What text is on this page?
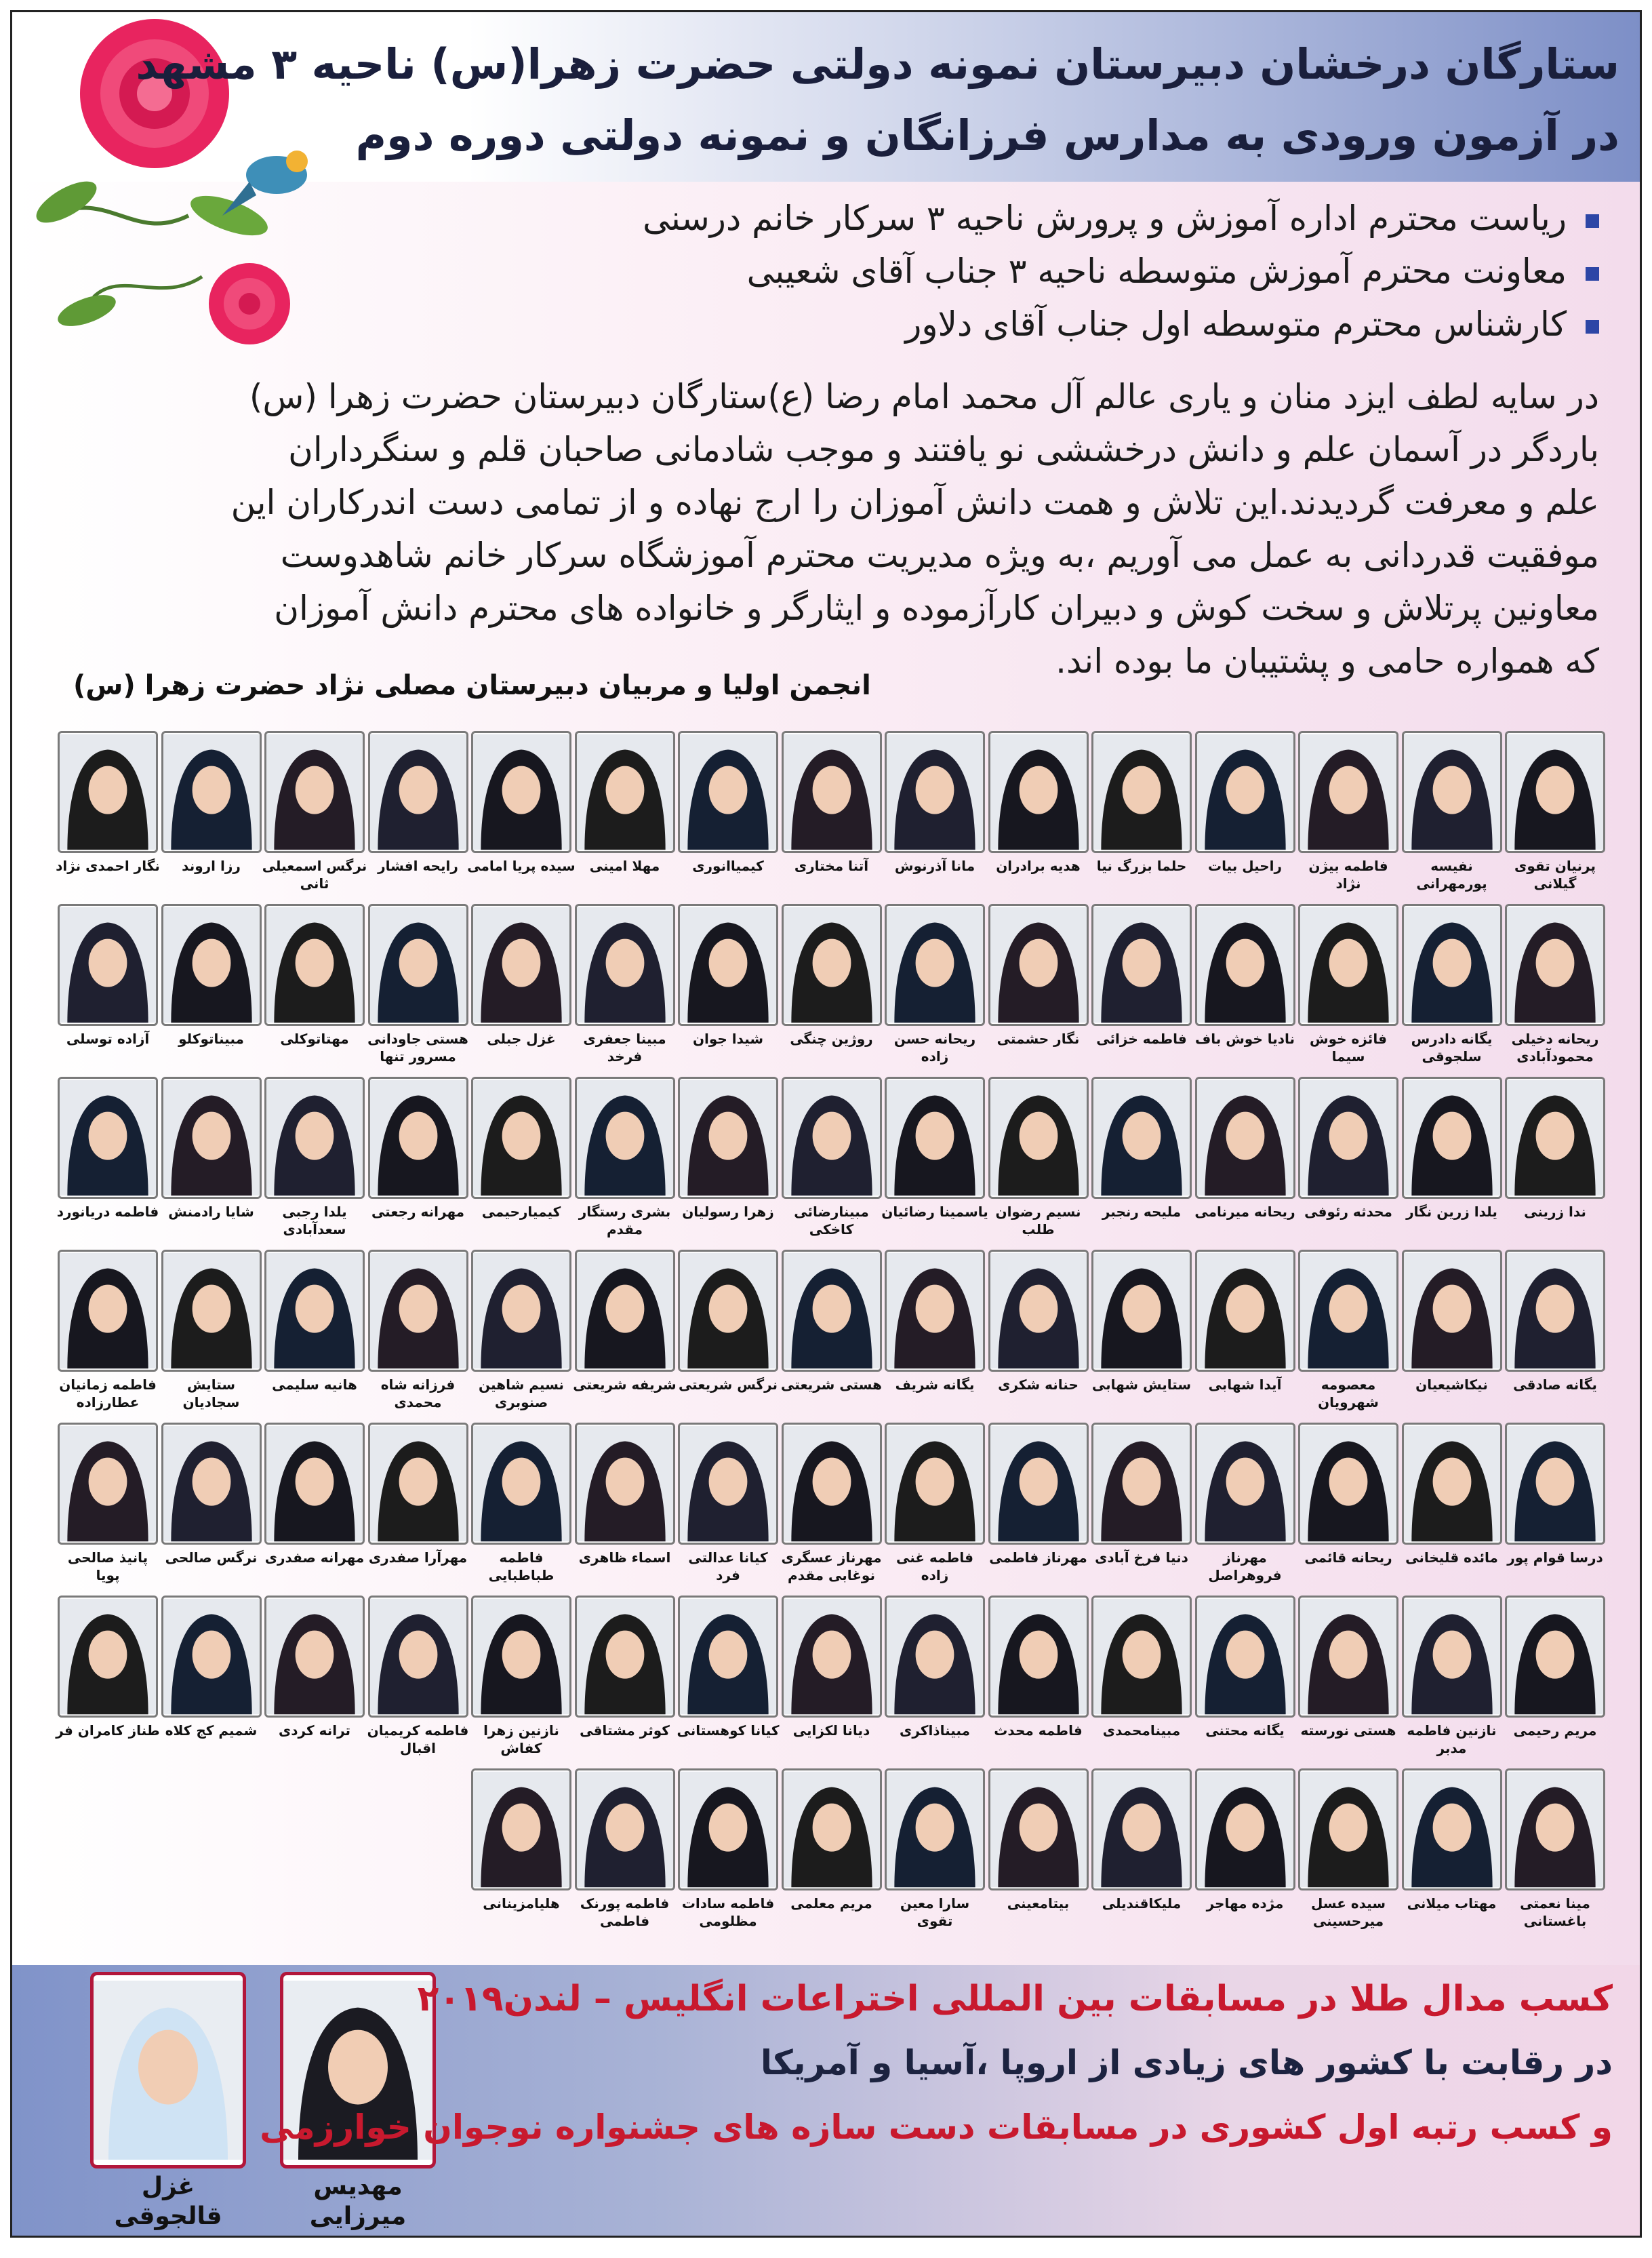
ستارگان درخشان دبیرستان نمونه دولتی حضرت زهرا(س) ناحیه ۳ مشهد
در آزمون ورودی به مدارس فرزانگان و نمونه دولتی دوره دوم
ریاست محترم اداره آموزش و پرورش ناحیه ۳ سرکار خانم درسنی
معاونت محترم آموزش متوسطه ناحیه ۳ جناب آقای شعیبی
کارشناس محترم متوسطه اول جناب آقای دلاور
در سایه لطف ایزد منان و یاری عالم آل محمد امام رضا (ع)ستارگان دبیرستان حضرت زهرا (س)
باردگر در آسمان علم و دانش درخششی نو یافتند و موجب شادمانی صاحبان قلم و سنگرداران
علم و معرفت گردیدند.این تلاش و همت دانش آموزان را ارج نهاده و از تمامی دست اندرکاران این
موفقیت قدردانی به عمل می آوریم ،به ویژه مدیریت محترم آموزشگاه سرکار خانم شاهدوست
معاونین پرتلاش و سخت کوش و دبیران کارآزموده و ایثارگر و خانواده های محترم دانش آموزان
که همواره حامی و پشتیبان ما بوده اند.
انجمن اولیا و مربیان دبیرستان مصلی نژاد حضرت زهرا (س)
پرنیان تقوی گیلانی
نفیسه پورمهرانی
فاطمه بیژن نژاد
راحیل بیات
حلما بزرگ نیا
هدیه برادران
مانا آذرنوش
آتنا مختاری
کیمیاانوری
مهلا امینی
سیده پریا امامی
رایحه افشار
نرگس اسمعیلی ثانی
رزا اروند
نگار احمدی نژاد
ریحانه دخیلی محمودآبادی
یگانه دادرس سلجوقی
فائزه خوش سیما
نادیا خوش باف
فاطمه خزائی
نگار حشمتی
ریحانه حسن زاده
روژین چنگی
شیدا جوان
مبینا جعفری فرخد
غزل جبلی
هستی جاودانی مسرور تنها
مهتاتوکلی
مبیناتوکلو
آزاده توسلی
ندا زرینی
یلدا زرین نگار
محدثه رئوفی
ریحانه میرنامی
ملیحه رنجبر
نسیم رضوان طلب
یاسمینا رضائیان
مبینارضائی کاخکی
زهرا رسولیان
بشری رستگار مقدم
کیمیارحیمی
مهرانه رجعتی
یلدا رجبی سعدآبادی
شایا رادمنش
فاطمه دریانورد
یگانه صادقی
نیکاشیعیان
معصومه شهرویان
آیدا شهابی
ستایش شهابی
حنانه شکری
یگانه شریف
هستی شریعتی
نرگس شریعتی
شریفه شریعتی
نسیم شاهین صنوبری
فرزانه شاه محمدی
هانیه سلیمی
ستایش سجادیان
فاطمه زمانیان عطارزاده
درسا قوام پور
مائده قلیخانی
ریحانه قائمی
مهرناز فروهراصل
دنیا فرخ آبادی
مهرناز فاطمی
فاطمه غنی زاده
مهرناز عسگری نوغابی مقدم
کیانا عدالتی فرد
اسماء ظاهری
فاطمه طباطبایی
مهرآرا صفدری
مهرانه صفدری
نرگس صالحی
پانیذ صالحی پویا
مریم رحیمی
نازنین فاطمه مدبر
هستی نورسته
یگانه محتنی
مبینامحمدی
فاطمه محدث
مبیناذاکری
دیانا لکزایی
کیانا کوهستانی
کوثر مشتاقی
نازنین زهرا کفاش
فاطمه کریمیان اقبال
ترانه کردی
شمیم کج کلاه
طناز کامران فر
مینا نعمتی باغستانی
مهتاب میلانی
سیده عسل میرحسینی
مژده مهاجر
ملیکاقندیلی
بیتامعینی
سارا معین تقوی
مریم معلمی
فاطمه سادات مظلومی
فاطمه پورنک فاطمی
هلیامزینانی
غزل قالجوقی
مهدیس میرزایی
کسب مدال طلا در مسابقات بین المللی اختراعات انگلیس – لندن۲۰۱۹
در رقابت با کشور های زیادی از اروپا ،آسیا و آمریکا
و کسب رتبه اول کشوری در مسابقات دست سازه های جشنواره نوجوان خوارزمی
